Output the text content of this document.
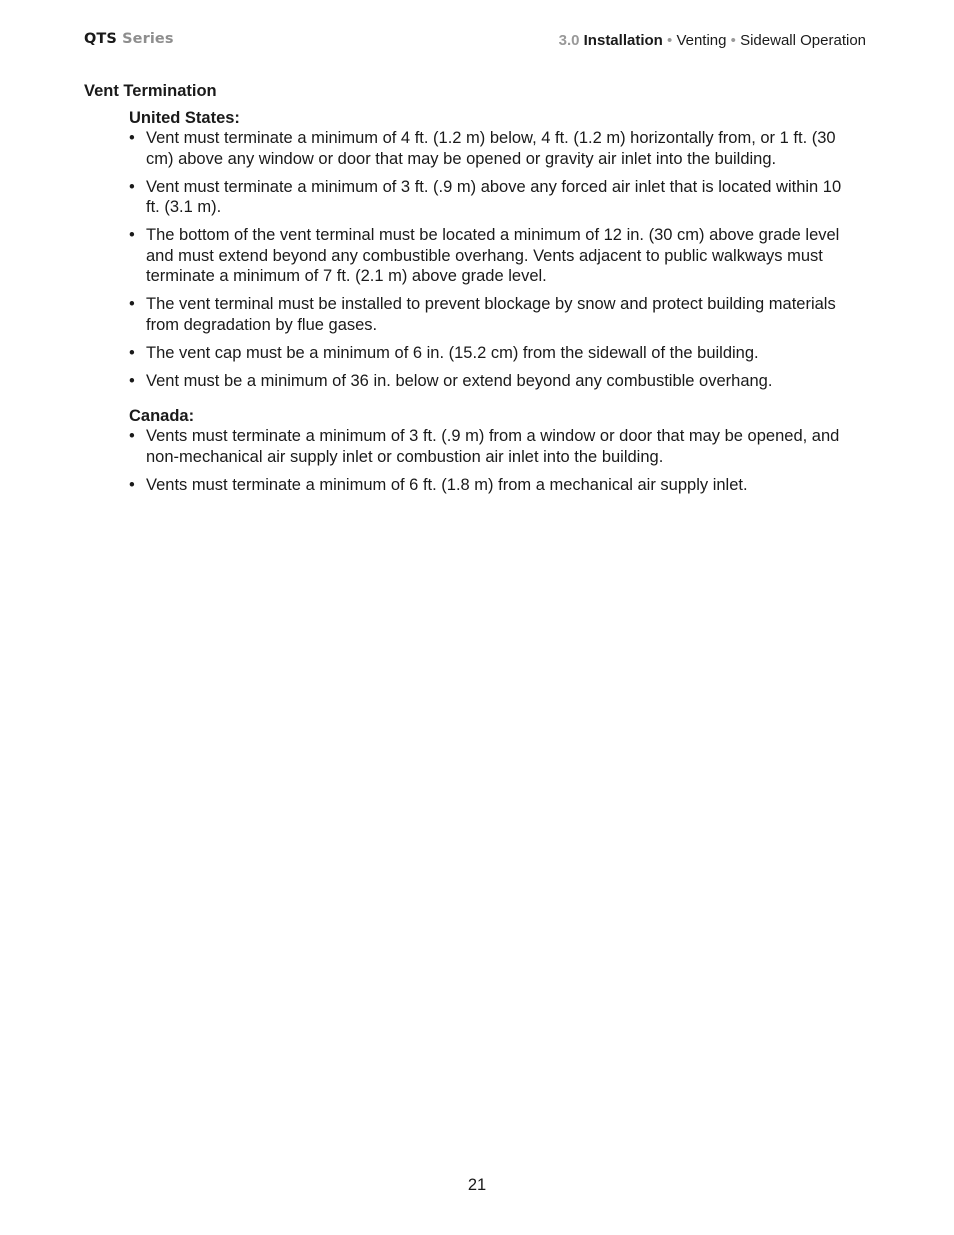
QTS Series	3.0 Installation • Venting • Sidewall Operation
Vent Termination
United States:
• Vent must terminate a minimum of 4 ft. (1.2 m) below, 4 ft. (1.2 m) horizontally from, or 1 ft. (30 cm) above any window or door that may be opened or gravity air inlet into the building.
• Vent must terminate a minimum of 3 ft. (.9 m) above any forced air inlet that is located within 10 ft. (3.1 m).
• The bottom of the vent terminal must be located a minimum of 12 in. (30 cm) above grade level and must extend beyond any combustible overhang. Vents adjacent to public walkways must terminate a minimum of 7 ft. (2.1 m) above grade level.
• The vent terminal must be installed to prevent blockage by snow and protect building materials from degradation by flue gases.
• The vent cap must be a minimum of 6 in. (15.2 cm) from the sidewall of the building.
• Vent must be a minimum of 36 in. below or extend beyond any combustible overhang.
Canada:
• Vents must terminate a minimum of 3 ft. (.9 m) from a window or door that may be opened, and non-mechanical air supply inlet or combustion air inlet into the building.
• Vents must terminate a minimum of 6 ft. (1.8 m) from a mechanical air supply inlet.
21
